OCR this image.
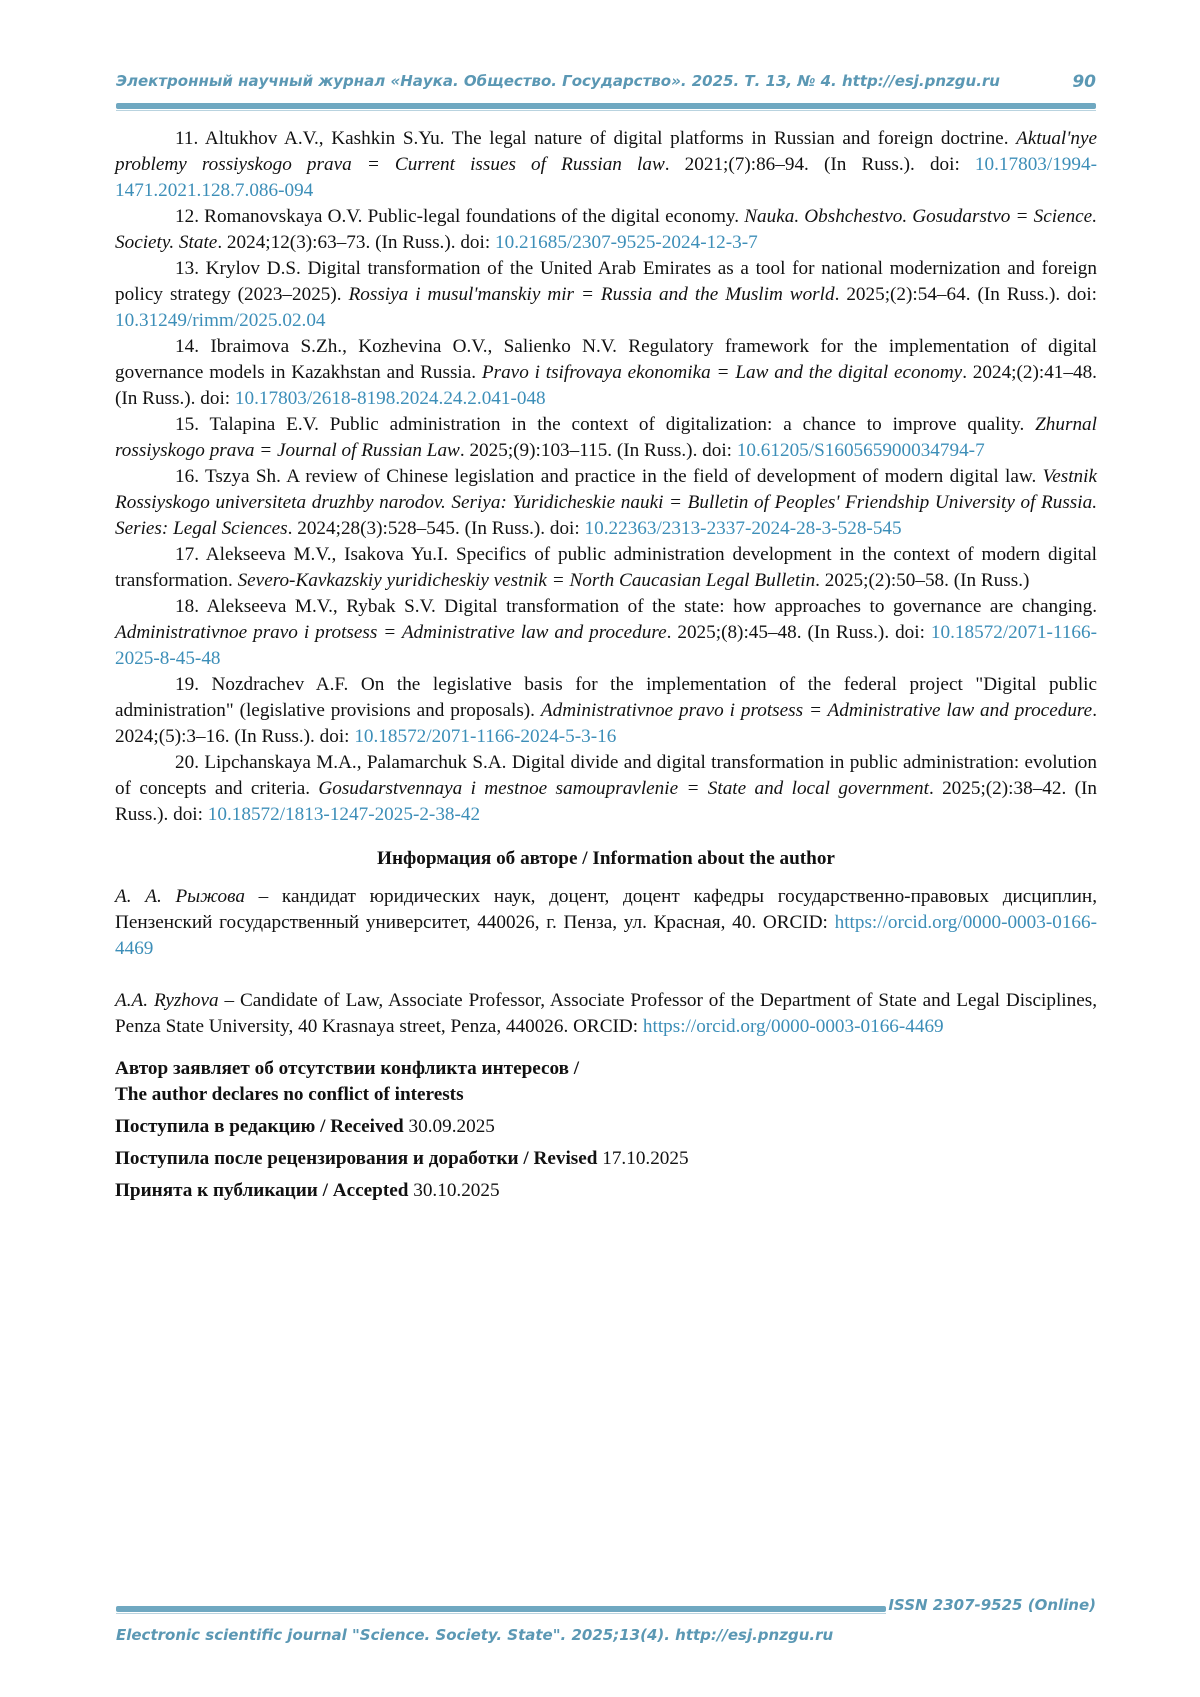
Электронный научный журнал «Наука. Общество. Государство». 2025. Т. 13, № 4. http://esj.pnzgu.ru	90

11. Altukhov A.V., Kashkin S.Yu. The legal nature of digital platforms in Russian and foreign doctrine. Aktual'nye problemy rossiyskogo prava = Current issues of Russian law. 2021;(7):86–94. (In Russ.). doi: 10.17803/1994-1471.2021.128.7.086-094

12. Romanovskaya O.V. Public-legal foundations of the digital economy. Nauka. Obshchestvo. Gosudarstvo = Science. Society. State. 2024;12(3):63–73. (In Russ.). doi: 10.21685/2307-9525-2024-12-3-7

13. Krylov D.S. Digital transformation of the United Arab Emirates as a tool for national modernization and foreign policy strategy (2023–2025). Rossiya i musul'manskiy mir = Russia and the Muslim world. 2025;(2):54–64. (In Russ.). doi: 10.31249/rimm/2025.02.04

14. Ibraimova S.Zh., Kozhevina O.V., Salienko N.V. Regulatory framework for the implementation of digital governance models in Kazakhstan and Russia. Pravo i tsifrovaya ekonomika = Law and the digital economy. 2024;(2):41–48. (In Russ.). doi: 10.17803/2618-8198.2024.24.2.041-048

15. Talapina E.V. Public administration in the context of digitalization: a chance to improve quality. Zhurnal rossiyskogo prava = Journal of Russian Law. 2025;(9):103–115. (In Russ.). doi: 10.61205/S160565900034794-7

16. Tszya Sh. A review of Chinese legislation and practice in the field of development of modern digital law. Vestnik Rossiyskogo universiteta druzhby narodov. Seriya: Yuridicheskie nauki = Bulletin of Peoples' Friendship University of Russia. Series: Legal Sciences. 2024;28(3):528–545. (In Russ.). doi: 10.22363/2313-2337-2024-28-3-528-545

17. Alekseeva M.V., Isakova Yu.I. Specifics of public administration development in the context of modern digital transformation. Severo-Kavkazskiy yuridicheskiy vestnik = North Caucasian Legal Bulletin. 2025;(2):50–58. (In Russ.)

18. Alekseeva M.V., Rybak S.V. Digital transformation of the state: how approaches to governance are changing. Administrativnoe pravo i protsess = Administrative law and procedure. 2025;(8):45–48. (In Russ.). doi: 10.18572/2071-1166-2025-8-45-48

19. Nozdrachev A.F. On the legislative basis for the implementation of the federal project "Digital public administration" (legislative provisions and proposals). Administrativnoe pravo i protsess = Administrative law and procedure. 2024;(5):3–16. (In Russ.). doi: 10.18572/2071-1166-2024-5-3-16

20. Lipchanskaya M.A., Palamarchuk S.A. Digital divide and digital transformation in public administration: evolution of concepts and criteria. Gosudarstvennaya i mestnoe samoupravlenie = State and local government. 2025;(2):38–42. (In Russ.). doi: 10.18572/1813-1247-2025-2-38-42

Информация об авторе / Information about the author

А. А. Рыжова – кандидат юридических наук, доцент, доцент кафедры государственно-правовых дисциплин, Пензенский государственный университет, 440026, г. Пенза, ул. Красная, 40. ORCID: https://orcid.org/0000-0003-0166-4469

A.A. Ryzhova – Candidate of Law, Associate Professor, Associate Professor of the Department of State and Legal Disciplines, Penza State University, 40 Krasnaya street, Penza, 440026. ORCID: https://orcid.org/0000-0003-0166-4469

Автор заявляет об отсутствии конфликта интересов /
The author declares no conflict of interests

Поступила в редакцию / Received 30.09.2025

Поступила после рецензирования и доработки / Revised 17.10.2025

Принята к публикации / Accepted 30.10.2025

ISSN 2307-9525 (Online)
Electronic scientific journal "Science. Society. State". 2025;13(4). http://esj.pnzgu.ru
